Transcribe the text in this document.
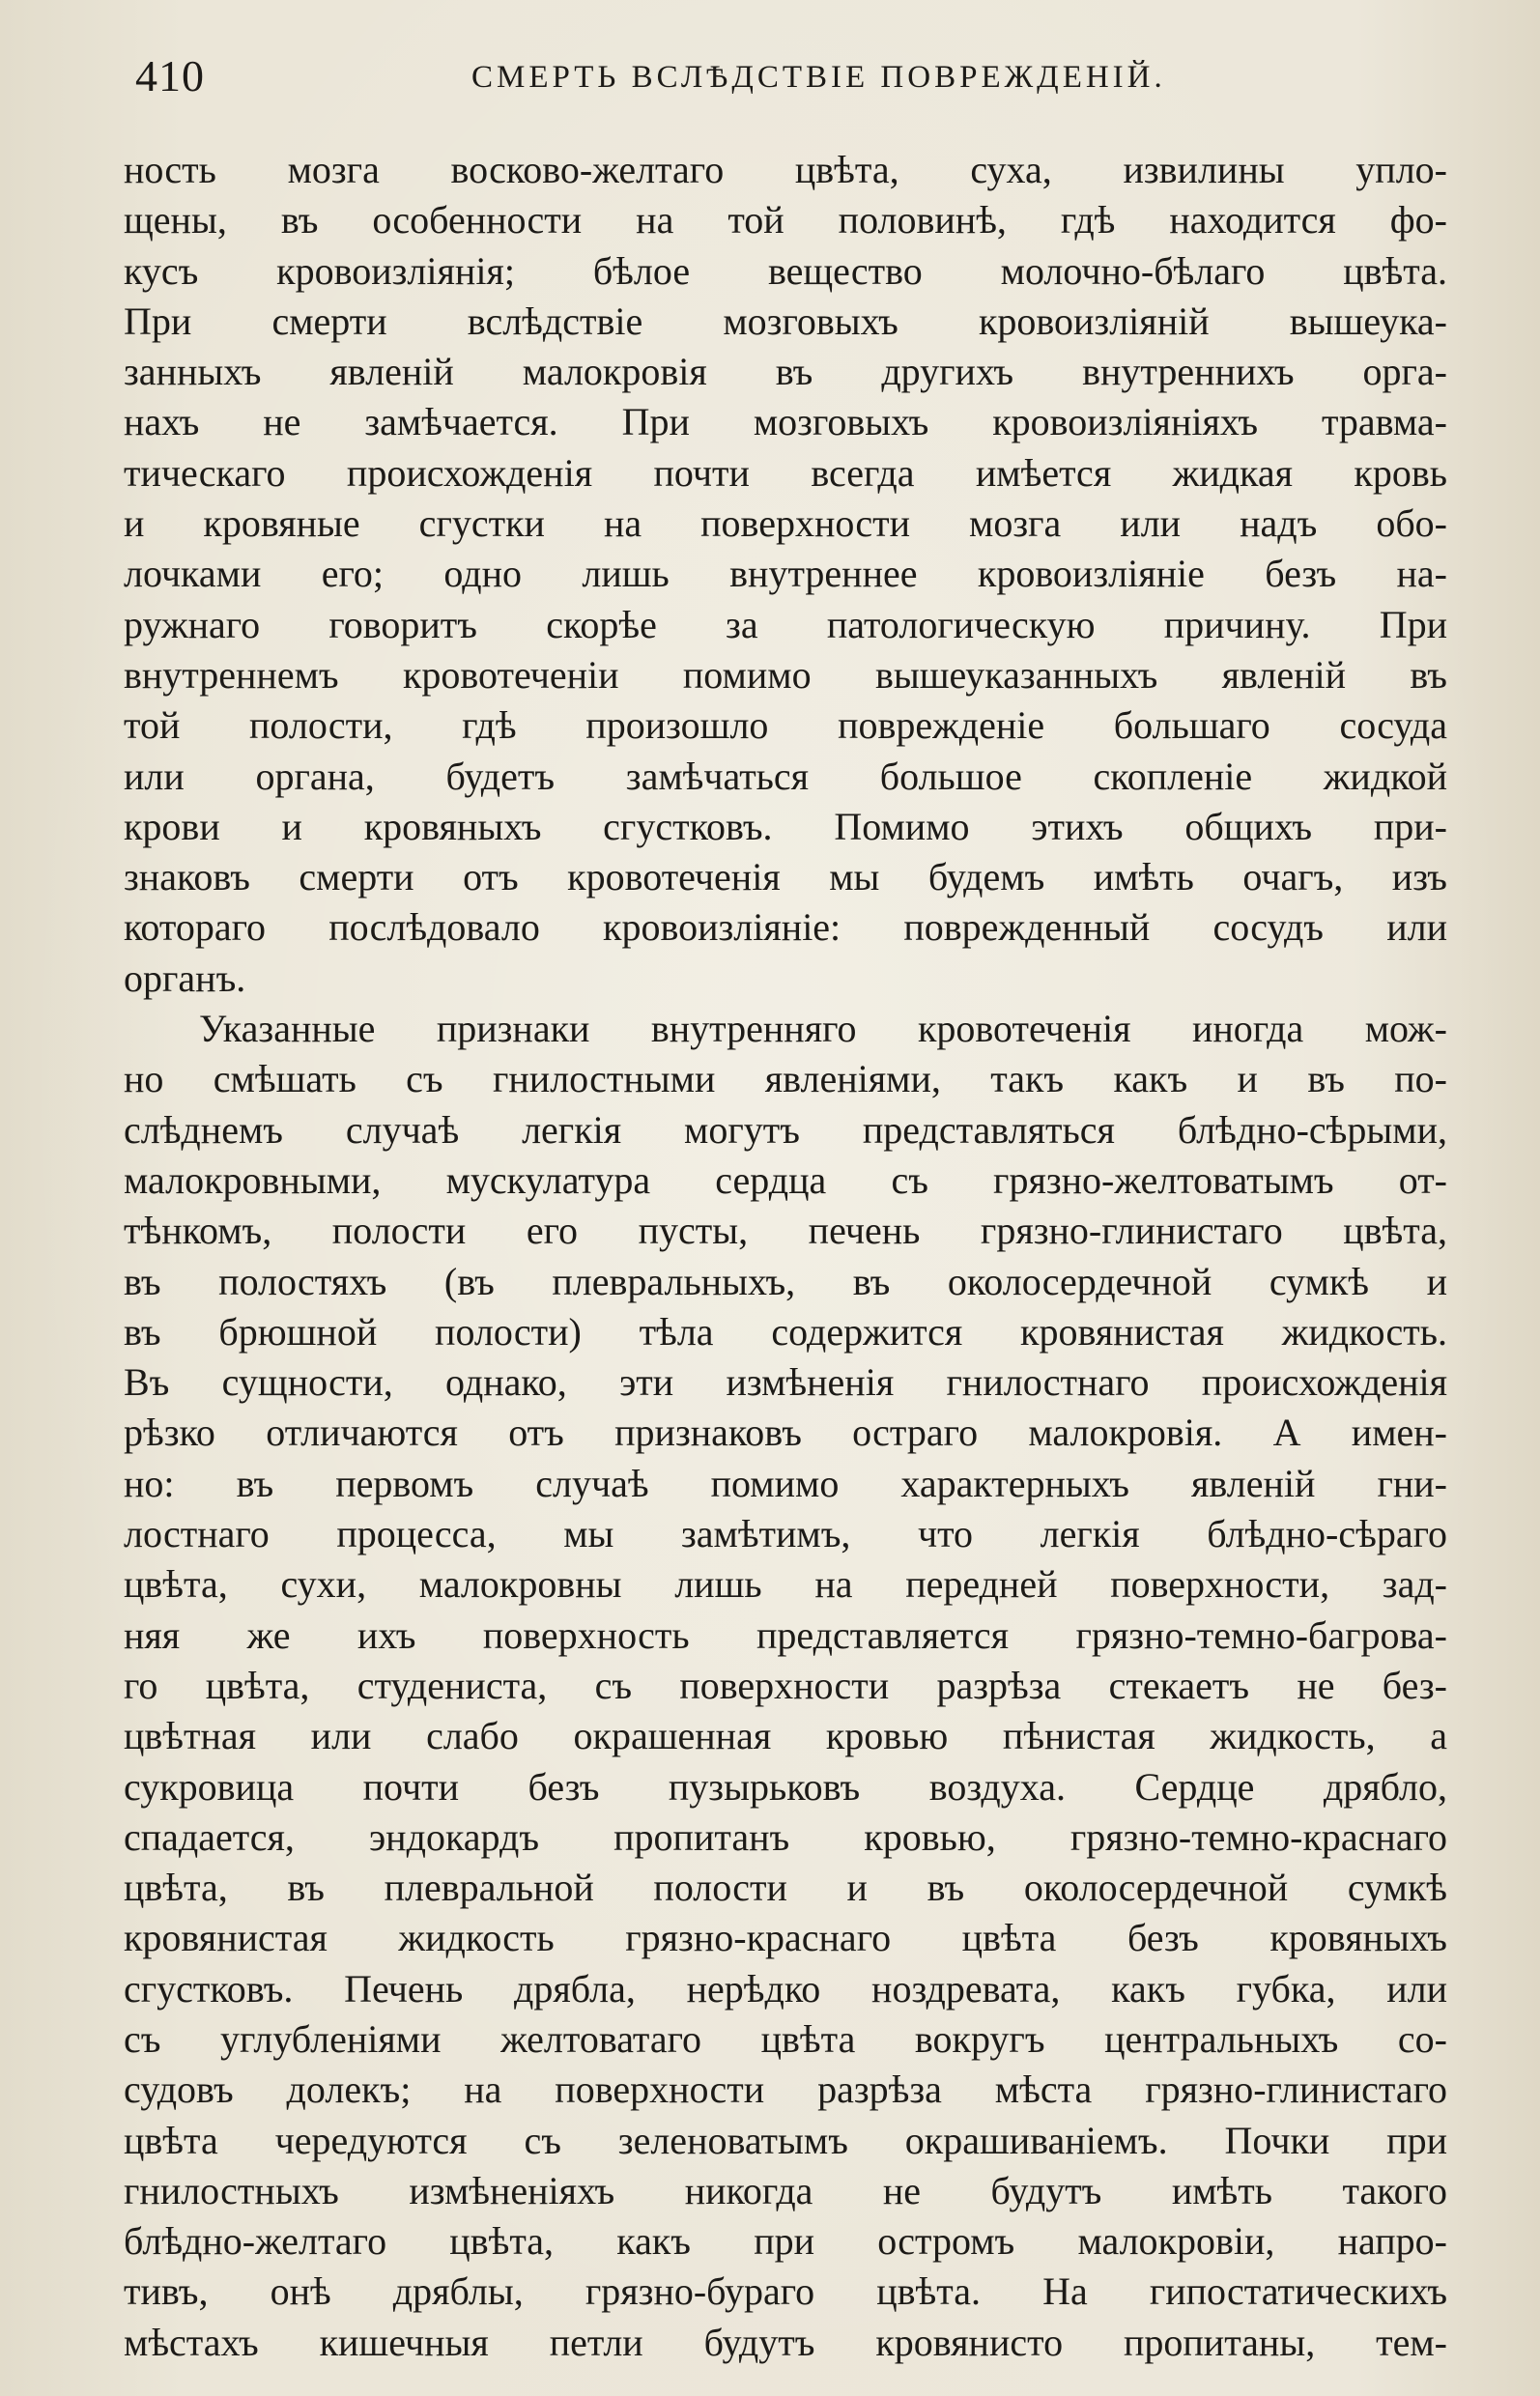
410	СМЕРТЬ ВСЛѢДСТВIЕ ПОВРЕЖДЕНIЙ.
ность мозга восково-желтаго цвѣта, суха, извилины упло-
щены, въ особенности на той половинѣ, гдѣ находится фо-
кусъ кровоизлiянiя; бѣлое вещество молочно-бѣлаго цвѣта.
При смерти вслѣдствiе мозговыхъ кровоизлiянiй вышеука-
занныхъ явленiй малокровiя въ другихъ внутреннихъ орга-
нахъ не замѣчается. При мозговыхъ кровоизлiянiяхъ травма-
тическаго происхожденiя почти всегда имѣется жидкая кровь
и кровяные сгустки на поверхности мозга или надъ обо-
лочками его; одно лишь внутреннее кровоизлiянiе безъ на-
ружнаго говоритъ скорѣе за патологическую причину. При
внутреннемъ кровотеченiи помимо вышеуказанныхъ явленiй въ
той полости, гдѣ произошло поврежденiе большаго сосуда
или органа, будетъ замѣчаться большое скопленiе жидкой
крови и кровяныхъ сгустковъ. Помимо этихъ общихъ при-
знаковъ смерти отъ кровотеченiя мы будемъ имѣть очагъ, изъ
котораго послѣдовало кровоизлiянiе: поврежденный сосудъ или
органъ.
Указанные признаки внутренняго кровотеченiя иногда мож-
но смѣшать съ гнилостными явленiями, такъ какъ и въ по-
слѣднемъ случаѣ легкiя могутъ представляться блѣдно-сѣрыми,
малокровными, мускулатура сердца съ грязно-желтоватымъ от-
тѣнкомъ, полости его пусты, печень грязно-глинистаго цвѣта,
въ полостяхъ (въ плевральныхъ, въ околосердечной сумкѣ и
въ брюшной полости) тѣла содержится кровянистая жидкость.
Въ сущности, однако, эти измѣненiя гнилостнаго происхожденiя
рѣзко отличаются отъ признаковъ остраго малокровiя. А имен-
но: въ первомъ случаѣ помимо характерныхъ явленiй гни-
лостнаго процесса, мы замѣтимъ, что легкiя блѣдно-сѣраго
цвѣта, сухи, малокровны лишь на передней поверхности, зад-
няя же ихъ поверхность представляется грязно-темно-багрова-
го цвѣта, студениста, съ поверхности разрѣза стекаетъ не без-
цвѣтная или слабо окрашенная кровью пѣнистая жидкость, а
сукровица почти безъ пузырьковъ воздуха. Сердце дрябло,
спадается, эндокардъ пропитанъ кровью, грязно-темно-краснаго
цвѣта, въ плевральной полости и въ околосердечной сумкѣ
кровянистая жидкость грязно-краснаго цвѣта безъ кровяныхъ
сгустковъ. Печень дрябла, нерѣдко ноздревата, какъ губка, или
съ углубленiями желтоватаго цвѣта вокругъ центральныхъ со-
судовъ долекъ; на поверхности разрѣза мѣста грязно-глинистаго
цвѣта чередуются съ зеленоватымъ окрашиванiемъ. Почки при
гнилостныхъ измѣненiяхъ никогда не будутъ имѣть такого
блѣдно-желтаго цвѣта, какъ при остромъ малокровiи, напро-
тивъ, онѣ дряблы, грязно-бураго цвѣта. На гипостатическихъ
мѣстахъ кишечныя петли будутъ кровянисто пропитаны, тем-
